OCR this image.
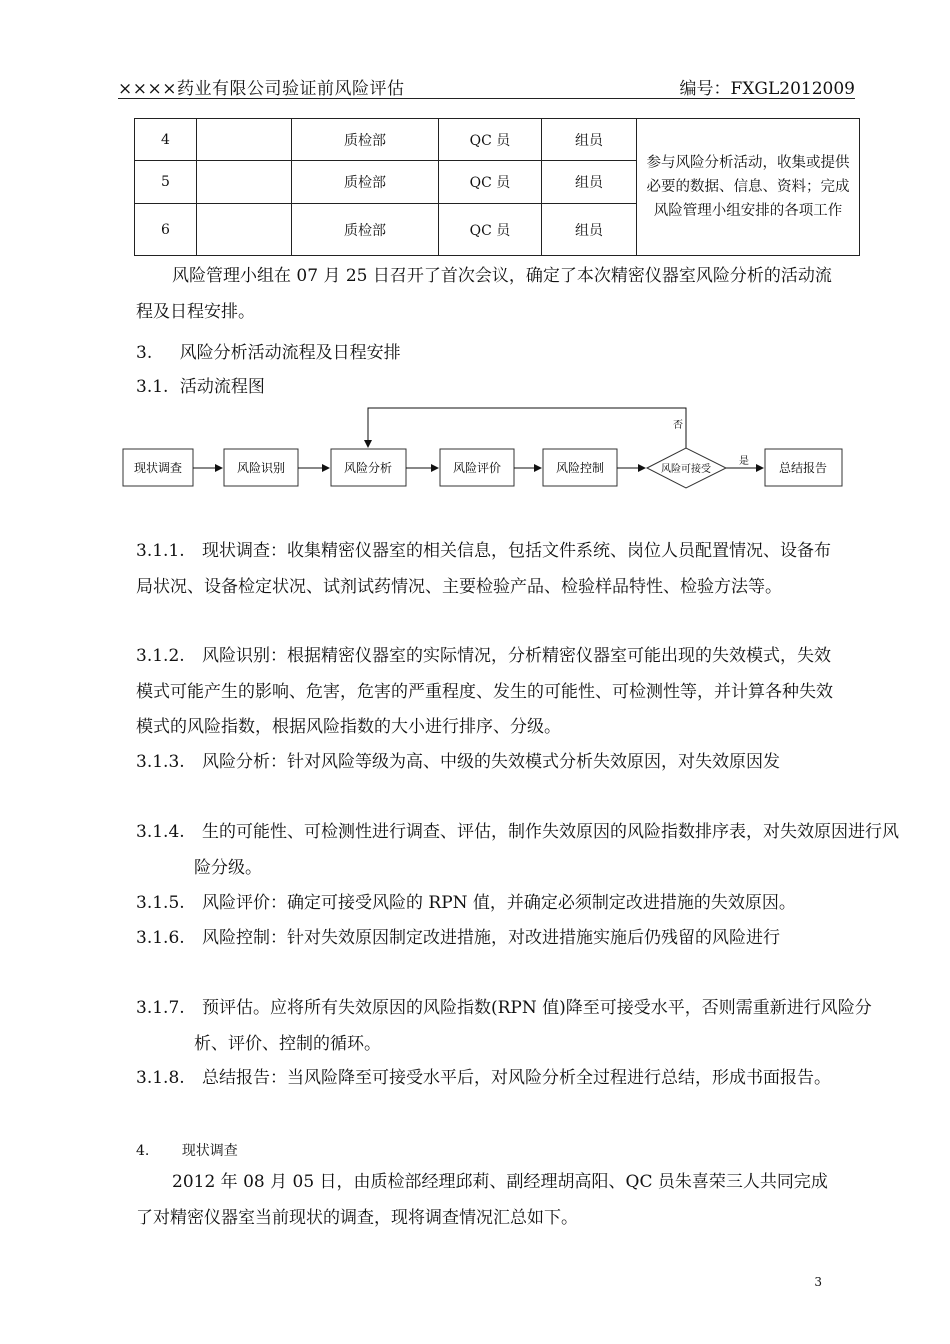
××××药业有限公司验证前风险评估	编号：FXGL2012009
4		质检部	QC 员	组员	参与风险分析活动，收集或提供必要的数据、信息、资料；完成风险管理小组安排的各项工作
5		质检部	QC 员	组员	
6		质检部	QC 员	组员	

风险管理小组在 07 月 25 日召开了首次会议，确定了本次精密仪器室风险分析的活动流程及日程安排。

3. 风险分析活动流程及日程安排
3.1. 活动流程图
现状调查	风险识别	风险分析	风险评价	风险控制	风险可接受	总结报告
是
否
3.1.1. 现状调查：收集精密仪器室的相关信息，包括文件系统、岗位人员配置情况、设备布局状况、设备检定状况、试剂试药情况、主要检验产品、检验样品特性、检验方法等。
3.1.2. 风险识别：根据精密仪器室的实际情况，分析精密仪器室可能出现的失效模式，失效模式可能产生的影响、危害，危害的严重程度、发生的可能性、可检测性等，并计算各种失效模式的风险指数，根据风险指数的大小进行排序、分级。
3.1.3. 风险分析：针对风险等级为高、中级的失效模式分析失效原因，对失效原因发
3.1.4. 生的可能性、可检测性进行调查、评估，制作失效原因的风险指数排序表，对失效原因进行风险分级。
3.1.5. 风险评价：确定可接受风险的 RPN 值，并确定必须制定改进措施的失效原因。
3.1.6. 风险控制：针对失效原因制定改进措施，对改进措施实施后仍残留的风险进行
3.1.7. 预评估。应将所有失效原因的风险指数(RPN 值)降至可接受水平，否则需重新进行风险分析、评价、控制的循环。
3.1.8. 总结报告：当风险降至可接受水平后，对风险分析全过程进行总结，形成书面报告。
4. 现状调查

2012 年 08 月 05 日，由质检部经理邱莉、副经理胡高阳、QC 员朱喜荣三人共同完成了对精密仪器室当前现状的调查，现将调查情况汇总如下。

3
